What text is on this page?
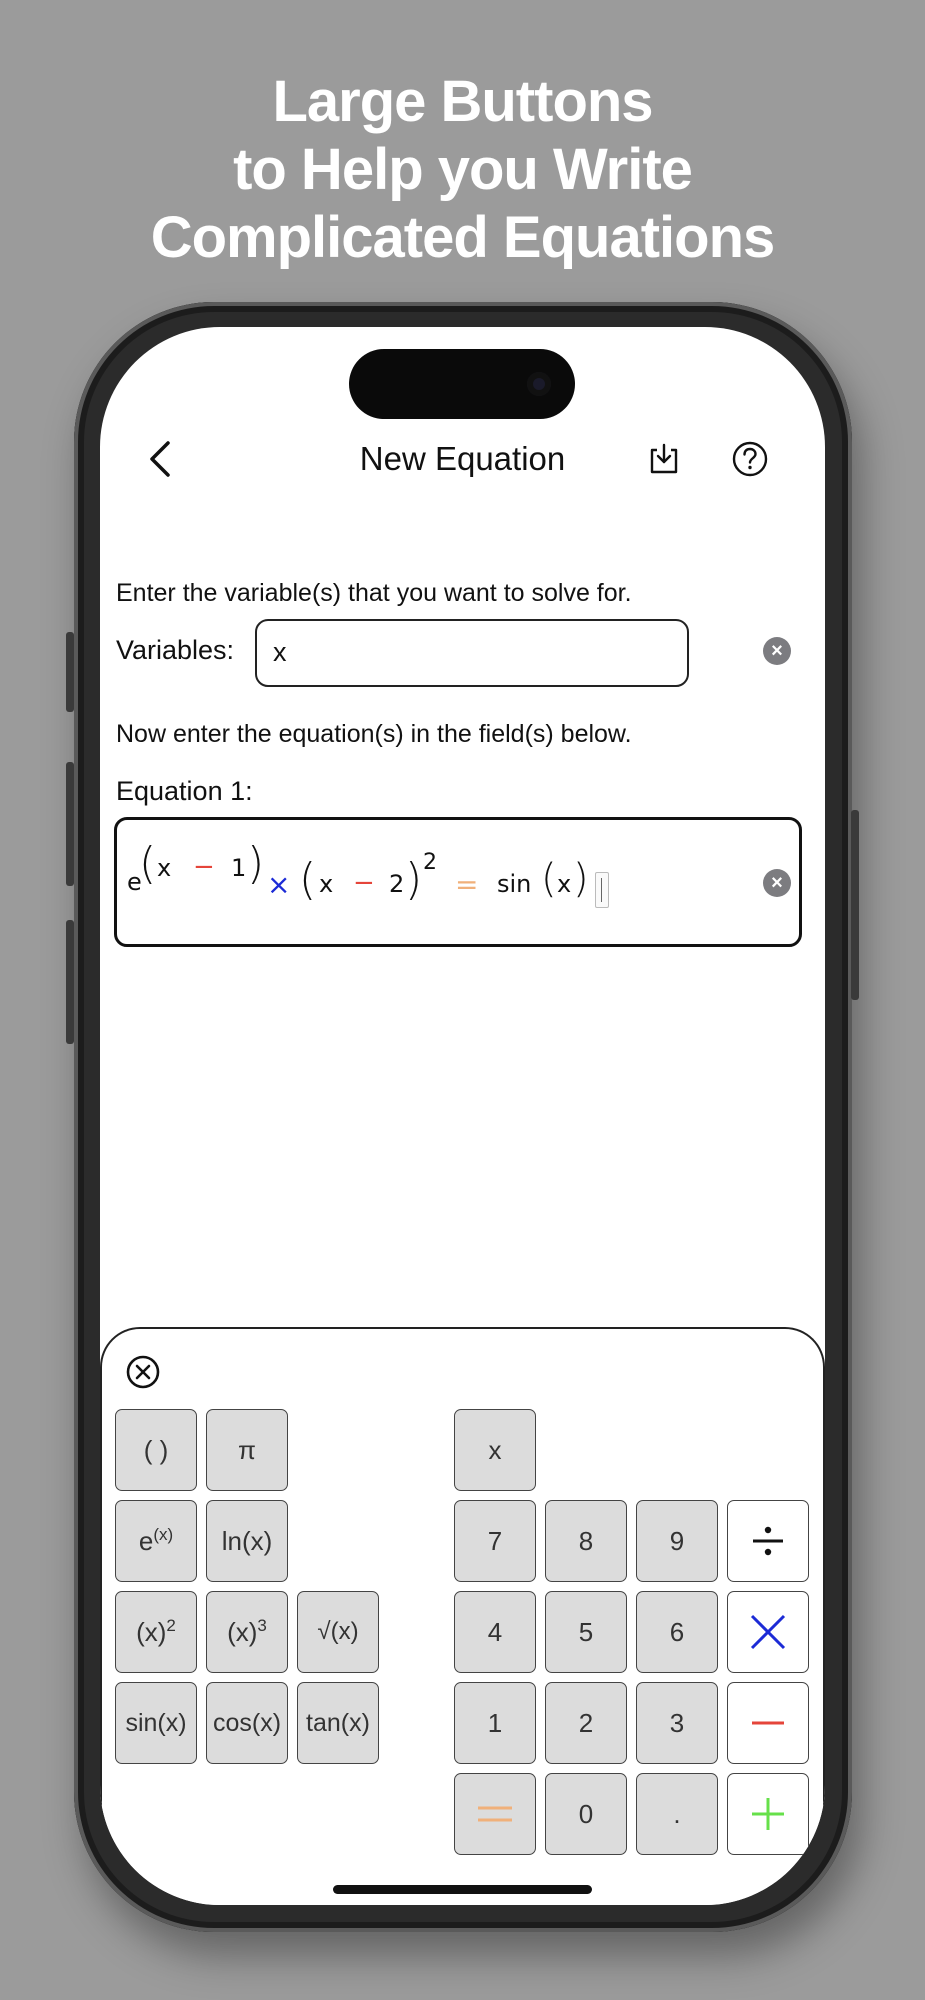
Large Buttons
to Help you Write
Complicated Equations
New Equation
Enter the variable(s) that you want to solve for.
Variables: x	×
Now enter the equation(s) in the field(s) below.
Equation 1:
e
( x − 1 ) × ( x − 2 ) 2
= sin ( x )	×
( )	π
$e^{(x)}$ ln(x)
$(x)^2$ $(x)^3$ √(x)
sin(x) cos(x) tan(x)
x
7	8	9
4	5	6
1	2	3
0	.
